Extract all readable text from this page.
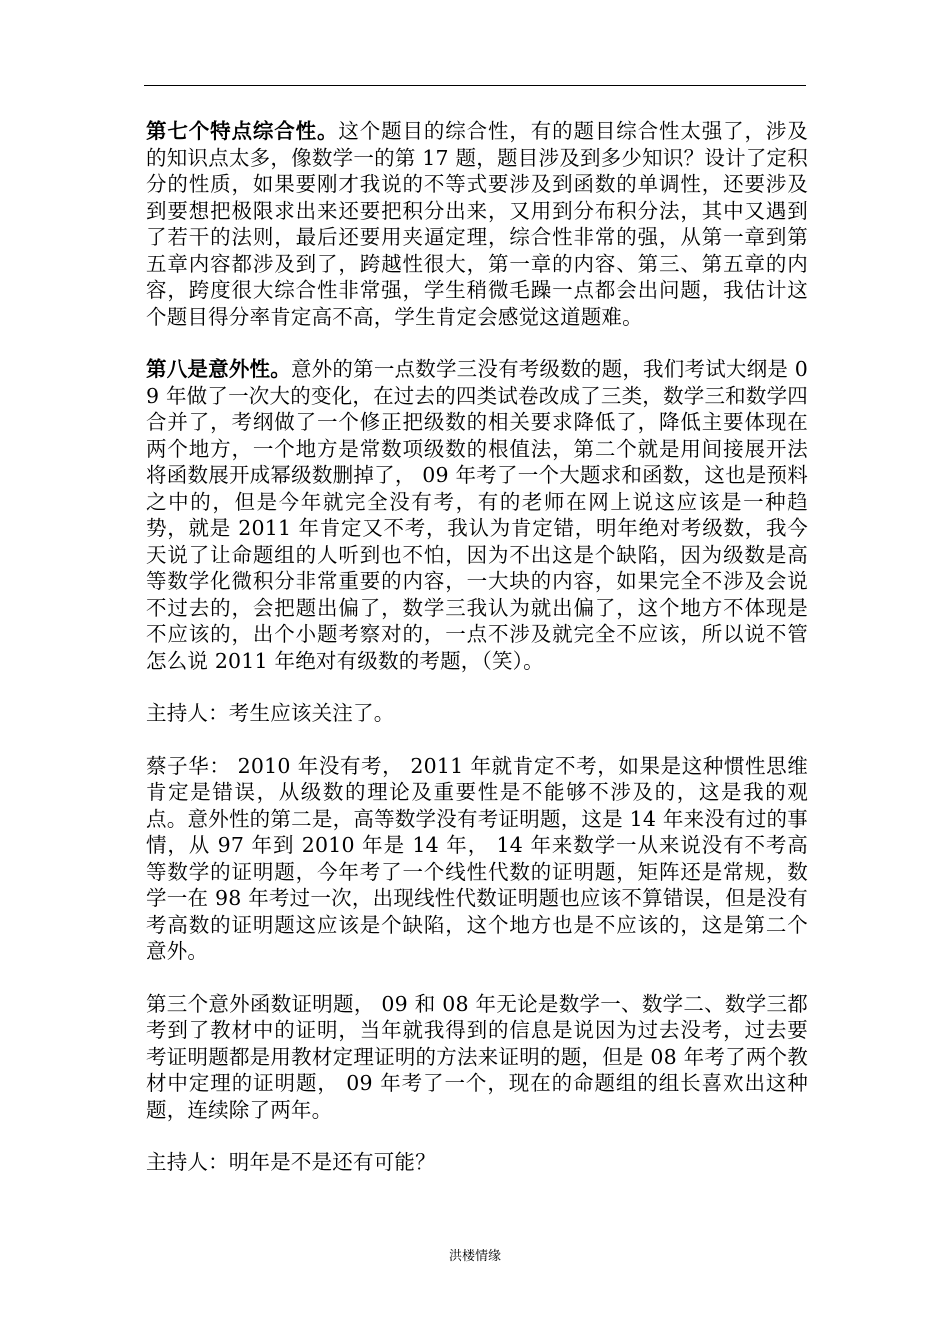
第七个特点综合性。这个题目的综合性，有的题目综合性太强了，涉及的知识点太多，像数学一的第 17 题，题目涉及到多少知识？设计了定积分的性质，如果要刚才我说的不等式要涉及到函数的单调性，还要涉及到要想把极限求出来还要把积分出来，又用到分布积分法，其中又遇到了若干的法则，最后还要用夹逼定理，综合性非常的强，从第一章到第五章内容都涉及到了，跨越性很大，第一章的内容、第三、第五章的内容，跨度很大综合性非常强，学生稍微毛躁一点都会出问题，我估计这个题目得分率肯定高不高，学生肯定会感觉这道题难。

第八是意外性。意外的第一点数学三没有考级数的题，我们考试大纲是 09 年做了一次大的变化，在过去的四类试卷改成了三类，数学三和数学四合并了，考纲做了一个修正把级数的相关要求降低了，降低主要体现在两个地方，一个地方是常数项级数的根值法，第二个就是用间接展开法将函数展开成幂级数删掉了， 09 年考了一个大题求和函数，这也是预料之中的，但是今年就完全没有考，有的老师在网上说这应该是一种趋势，就是 2011 年肯定又不考，我认为肯定错，明年绝对考级数，我今天说了让命题组的人听到也不怕，因为不出这是个缺陷，因为级数是高等数学化微积分非常重要的内容，一大块的内容，如果完全不涉及会说不过去的，会把题出偏了，数学三我认为就出偏了，这个地方不体现是不应该的，出个小题考察对的，一点不涉及就完全不应该，所以说不管怎么说 2011 年绝对有级数的考题，（笑）。

主持人：考生应该关注了。

蔡子华： 2010 年没有考， 2011 年就肯定不考，如果是这种惯性思维肯定是错误，从级数的理论及重要性是不能够不涉及的，这是我的观点。意外性的第二是，高等数学没有考证明题，这是 14 年来没有过的事情，从 97 年到 2010 年是 14 年， 14 年来数学一从来说没有不考高等数学的证明题，今年考了一个线性代数的证明题，矩阵还是常规，数学一在 98 年考过一次，出现线性代数证明题也应该不算错误，但是没有考高数的证明题这应该是个缺陷，这个地方也是不应该的，这是第二个意外。

第三个意外函数证明题， 09 和 08 年无论是数学一、数学二、数学三都考到了教材中的证明，当年就我得到的信息是说因为过去没考，过去要考证明题都是用教材定理证明的方法来证明的题，但是 08 年考了两个教材中定理的证明题， 09 年考了一个，现在的命题组的组长喜欢出这种题，连续除了两年。

主持人：明年是不是还有可能？

洪楼情缘
